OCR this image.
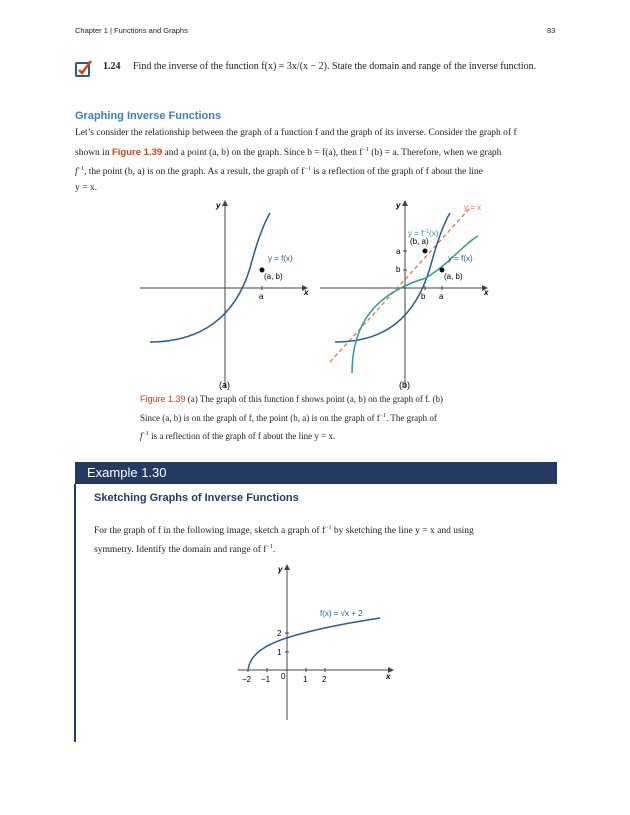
Chapter 1 | Functions and Graphs	83
1.24 Find the inverse of the function f(x) = 3x/(x − 2). State the domain and range of the inverse function.
Graphing Inverse Functions
Let’s consider the relationship between the graph of a function f and the graph of its inverse. Consider the graph of f
shown in Figure 1.39 and a point (a, b) on the graph. Since b = f(a), then $f^{-1}$ (b) = a. Therefore, when we graph
$f^{-1}$, the point (b, a) is on the graph. As a result, the graph of $f^{-1}$ is a reflection of the graph of f about the line
y = x.
x
y
a
(a, b)
y = f(x)
(a)
x
y
a
b
a
b
(a, b)
(b, a)
y = f(x)
$y = f^{-1}(x)$
y = x
(b)
Figure 1.39 (a) The graph of this function f shows point (a, b) on the graph of f. (b)
Since (a, b) is on the graph of f, the point (b, a) is on the graph of $f^{-1}$. The graph of
$f^{-1}$ is a reflection of the graph of f about the line y = x.
Example 1.30
Sketching Graphs of Inverse Functions
For the graph of f in the following image, sketch a graph of $f^{-1}$ by sketching the line y = x and using
symmetry. Identify the domain and range of $f^{-1}$.
x
y
−2 −1 0 1 2
1
2
f(x) = √x + 2
